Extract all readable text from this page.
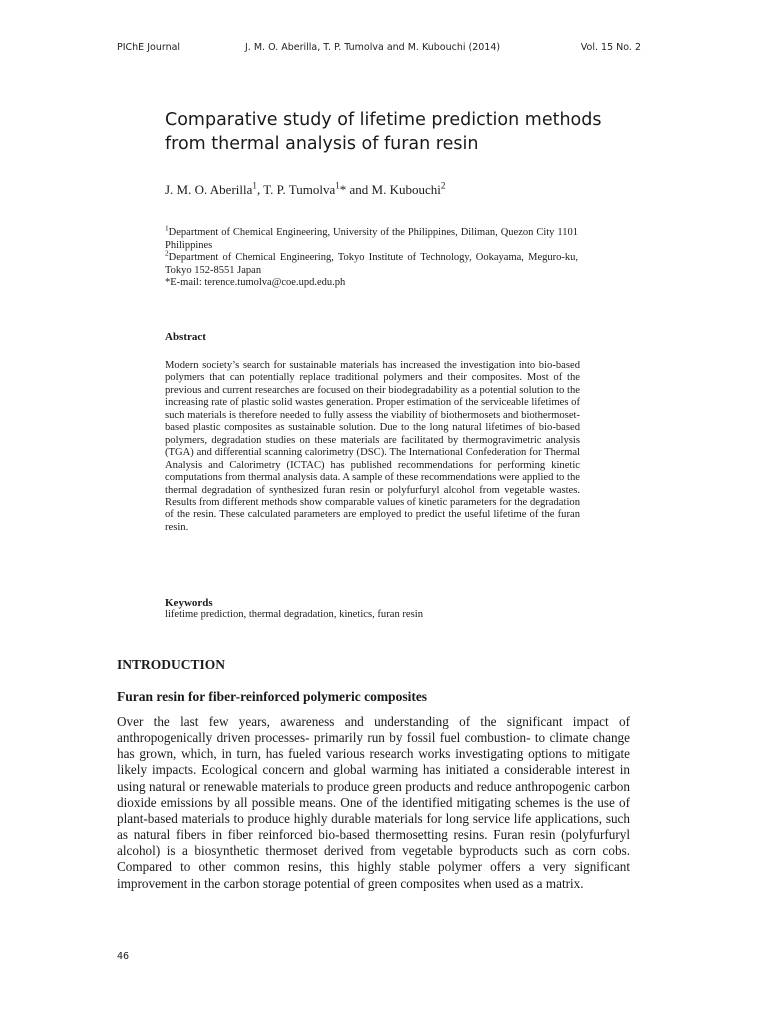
PIChE Journal	J. M. O. Aberilla, T. P. Tumolva and M. Kubouchi (2014)	Vol. 15 No. 2
Comparative study of lifetime prediction methods from thermal analysis of furan resin
J. M. O. Aberilla$^1$, T. P. Tumolva$^1$* and M. Kubouchi$^2$

$^1$Department of Chemical Engineering, University of the Philippines, Diliman, Quezon City 1101 Philippines

$^2$Department of Chemical Engineering, Tokyo Institute of Technology, Ookayama, Meguro-ku, Tokyo 152-8551 Japan

*E-mail: terence.tumolva@coe.upd.edu.ph

Abstract

Modern society’s search for sustainable materials has increased the investigation into bio-based polymers that can potentially replace traditional polymers and their composites. Most of the previous and current researches are focused on their biodegradability as a potential solution to the increasing rate of plastic solid wastes generation. Proper estimation of the serviceable lifetimes of such materials is therefore needed to fully assess the viability of biothermosets and biothermoset-based plastic composites as sustainable solution. Due to the long natural lifetimes of bio-based polymers, degradation studies on these materials are facilitated by thermogravimetric analysis (TGA) and differential scanning calorimetry (DSC). The International Confederation for Thermal Analysis and Calorimetry (ICTAC) has published recommendations for performing kinetic computations from thermal analysis data. A sample of these recommendations were applied to the thermal degradation of synthesized furan resin or polyfurfuryl alcohol from vegetable wastes. Results from different methods show comparable values of kinetic parameters for the degradation of the resin. These calculated parameters are employed to predict the useful lifetime of the furan resin.

Keywords
lifetime prediction, thermal degradation, kinetics, furan resin
INTRODUCTION
Furan resin for fiber-reinforced polymeric composites

Over the last few years, awareness and understanding of the significant impact of anthropogenically driven processes- primarily run by fossil fuel combustion- to climate change has grown, which, in turn, has fueled various research works investigating options to mitigate likely impacts. Ecological concern and global warming has initiated a considerable interest in using natural or renewable materials to produce green products and reduce anthropogenic carbon dioxide emissions by all possible means. One of the identified mitigating schemes is the use of plant-based materials to produce highly durable materials for long service life applications, such as natural fibers in fiber reinforced bio-based thermosetting resins. Furan resin (polyfurfuryl alcohol) is a biosynthetic thermoset derived from vegetable byproducts such as corn cobs. Compared to other common resins, this highly stable polymer offers a very significant improvement in the carbon storage potential of green composites when used as a matrix.

46
